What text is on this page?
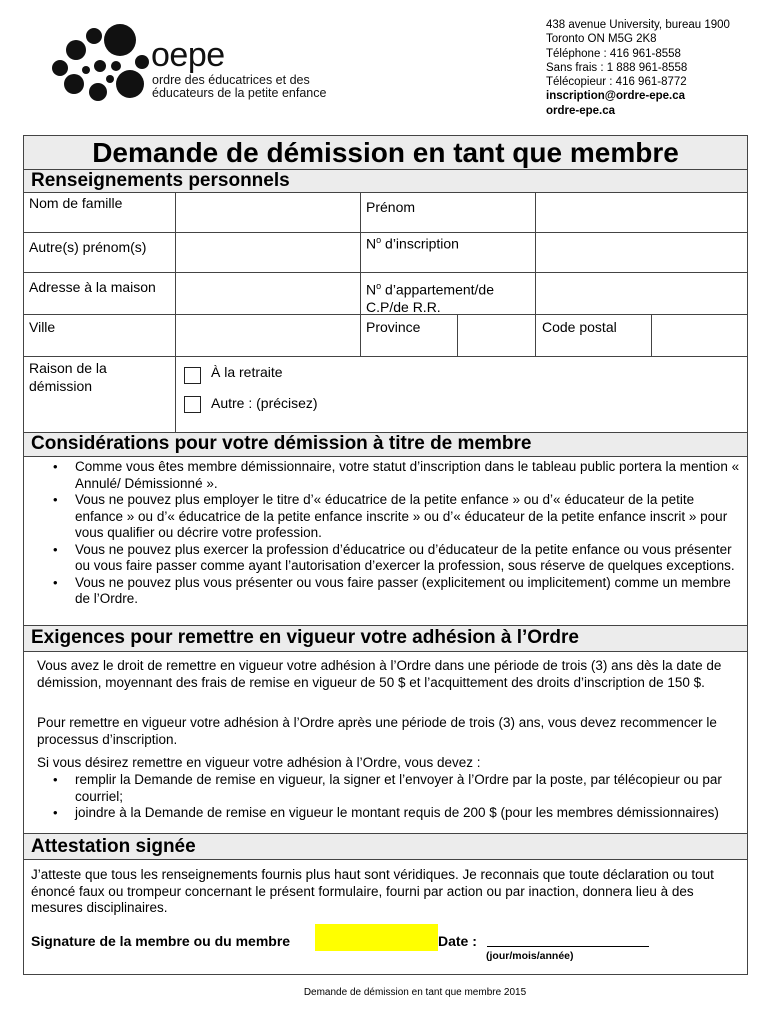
oepe
ordre des éducatrices et des
éducateurs de la petite enfance
438 avenue University, bureau 1900
Toronto ON M5G 2K8
Téléphone : 416 961-8558
Sans frais : 1 888 961-8558
Télécopieur : 416 961-8772
inscription@ordre-epe.ca
ordre-epe.ca
Demande de démission en tant que membre
Renseignements personnels
Nom de famille	Prénom
Autre(s) prénom(s)	$N^o$ d’inscription
Adresse à la maison	$N^o$ d’appartement/de
C.P/de R.R.
Ville	Province	Code postal
Raison de la
démission
À la retraite
Autre : (précisez)
Considérations pour votre démission à titre de membre
• Comme vous êtes membre démissionnaire, votre statut d’inscription dans le tableau public portera la mention « Annulé/ Démissionné ».
• Vous ne pouvez plus employer le titre d’« éducatrice de la petite enfance » ou d’« éducateur de la petite enfance » ou d’« éducatrice de la petite enfance inscrite » ou d’« éducateur de la petite enfance inscrit » pour vous qualifier ou décrire votre profession.
• Vous ne pouvez plus exercer la profession d’éducatrice ou d’éducateur de la petite enfance ou vous présenter ou vous faire passer comme ayant l’autorisation d’exercer la profession, sous réserve de quelques exceptions.
• Vous ne pouvez plus vous présenter ou vous faire passer (explicitement ou implicitement) comme un membre de l’Ordre.
Exigences pour remettre en vigueur votre adhésion à l’Ordre
Vous avez le droit de remettre en vigueur votre adhésion à l’Ordre dans une période de trois (3) ans dès la date de démission, moyennant des frais de remise en vigueur de 50 $ et l’acquittement des droits d’inscription de 150 $.
Pour remettre en vigueur votre adhésion à l’Ordre après une période de trois (3) ans, vous devez recommencer le processus d’inscription.
Si vous désirez remettre en vigueur votre adhésion à l’Ordre, vous devez :
• remplir la Demande de remise en vigueur, la signer et l’envoyer à l’Ordre par la poste, par télécopieur ou par courriel;
• joindre à la Demande de remise en vigueur le montant requis de 200 $ (pour les membres démissionnaires)
Attestation signée
J’atteste que tous les renseignements fournis plus haut sont véridiques. Je reconnais que toute déclaration ou tout énoncé faux ou trompeur concernant le présent formulaire, fourni par action ou par inaction, donnera lieu à des mesures disciplinaires.
Signature de la membre ou du membre	Date :
(jour/mois/année)
Demande de démission en tant que membre 2015
